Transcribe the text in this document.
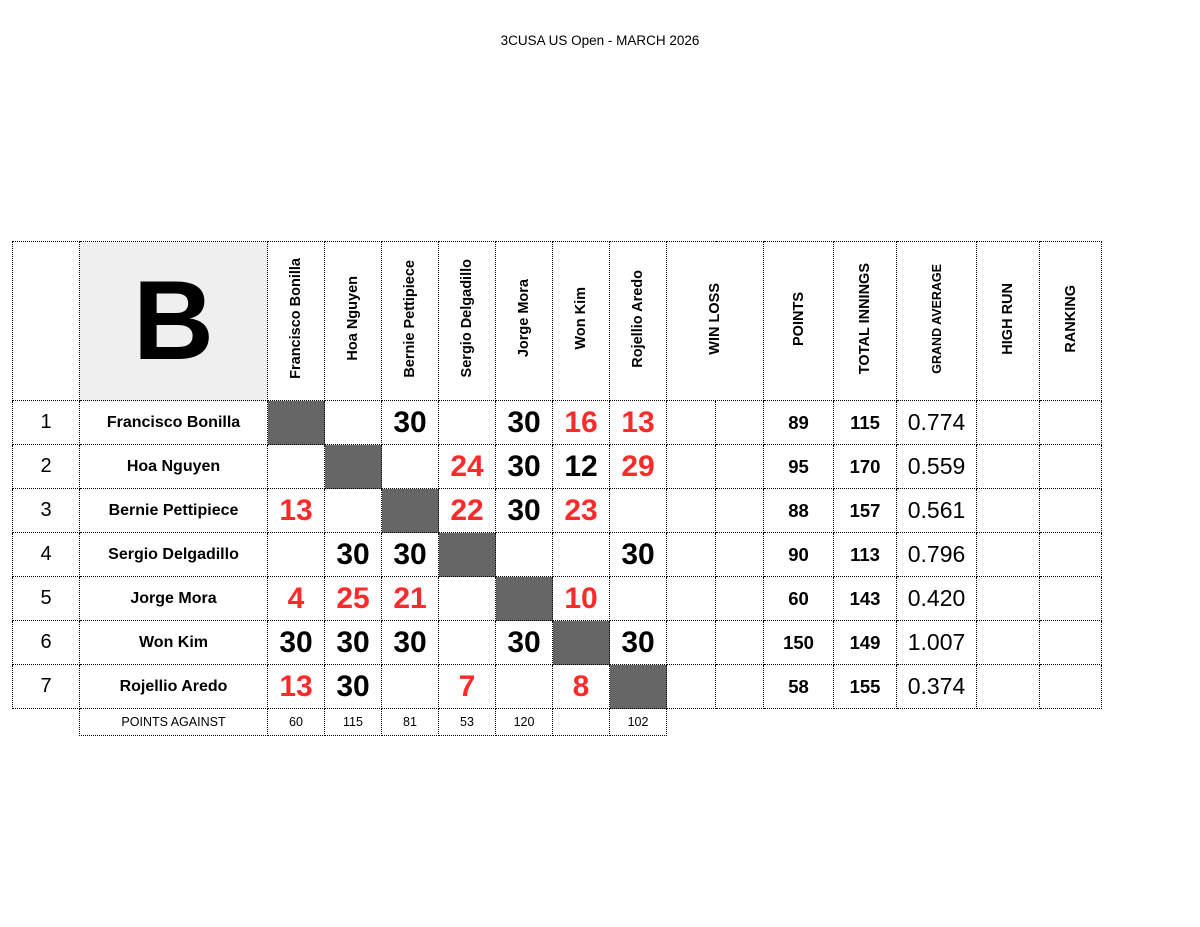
3CUSA US Open - MARCH 2026
	B	Francisco Bonilla	Hoa Nguyen	Bernie Pettipiece	Sergio Delgadillo	Jorge Mora	Won Kim	Rojellio Aredo	WIN LOSS		POINTS	TOTAL INNINGS	GRAND AVERAGE	HIGH RUN	RANKING
1	Francisco Bonilla			30		30	16	13			89	115	0.774		
2	Hoa Nguyen				24	30	12	29			95	170	0.559		
3	Bernie Pettipiece	13			22	30	23				88	157	0.561		
4	Sergio Delgadillo		30	30				30			90	113	0.796		
5	Jorge Mora	4	25	21			10				60	143	0.420		
6	Won Kim	30	30	30		30		30			150	149	1.007		
7	Rojellio Aredo	13	30		7		8				58	155	0.374		
	POINTS AGAINST	60	115	81	53	120		102							
